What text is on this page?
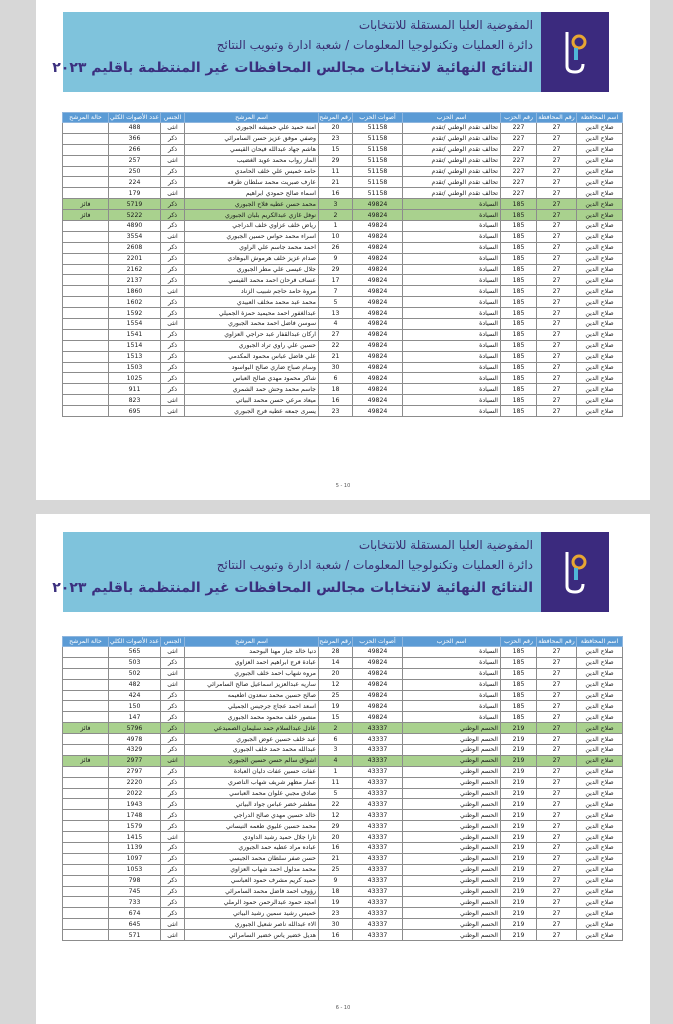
المفوضية العليا المستقلة للانتخابات
دائرة العمليات وتكنولوجيا المعلومات / شعبة ادارة وتبويب النتائج
النتائج النهائية لانتخابات مجالس المحافظات غير المنتظمة باقليم ٢٠٢٣
اسم المحافظة	رقم المحافظة	رقم الحزب	اسم الحزب	أصوات الحزب	رقم المرشح	اسم المرشح	الجنس	عدد الأصوات الكلي	حالة المرشح
صلاح الدين	27	227	تحالف تقدم الوطني /تقدم	51158	20	امنة حميد علي حميشه الجبوري	انثى	488	
صلاح الدين	27	227	تحالف تقدم الوطني /تقدم	51158	23	وصفي موفق عزيز حسن السامرائي	ذكر	366	
صلاح الدين	27	227	تحالف تقدم الوطني /تقدم	51158	15	هاشم جهاد عبدالله فيحان القيسي	ذكر	266	
صلاح الدين	27	227	تحالف تقدم الوطني /تقدم	51158	29	الماز رواب محمد عويد الغضيب	انثى	257	
صلاح الدين	27	227	تحالف تقدم الوطني /تقدم	51158	11	حامد خميس علي خلف الحامدي	ذكر	250	
صلاح الدين	27	227	تحالف تقدم الوطني /تقدم	51158	21	عارف صبريت محمد سلطان طرفه	ذكر	224	
صلاح الدين	27	227	تحالف تقدم الوطني /تقدم	51158	16	اسماء صالح حمودي ابراهيم	انثى	179	
صلاح الدين	27	185	السيادة	49824	3	محمد حسن عطيه فلاح الجبوري	ذكر	5719	فائز
صلاح الدين	27	185	السيادة	49824	2	نوفل غازي عبدالكريم بلبان الجبوري	ذكر	5222	فائز
صلاح الدين	27	185	السيادة	49824	1	رياض خلف عزاوي خلف الدراجي	ذكر	4890	
صلاح الدين	27	185	السيادة	49824	10	اسراء محمد حواس حسين الجبوري	انثى	3554	
صلاح الدين	27	185	السيادة	49824	26	احمد محمد جاسم علي الراوي	ذكر	2608	
صلاح الدين	27	185	السيادة	49824	9	صدام عزيز خلف هرموش البوهادي	ذكر	2201	
صلاح الدين	27	185	السيادة	49824	29	جلال عيسى علي مطر الجبوري	ذكر	2162	
صلاح الدين	27	185	السيادة	49824	17	عساف فرحان احمد محمد القيسي	ذكر	2137	
صلاح الدين	27	185	السيادة	49824	7	مروة حامد حاجم شبيب الزناد	انثى	1860	
صلاح الدين	27	185	السيادة	49824	5	محمد عبد محمد مخلف العبيدي	ذكر	1602	
صلاح الدين	27	185	السيادة	49824	13	عبدالغفور احمد محيميد حمزة الجميلي	ذكر	1592	
صلاح الدين	27	185	السيادة	49824	4	سوسن فاضل احمد محمد الجبوري	انثى	1554	
صلاح الدين	27	185	السيادة	49824	27	اركان عبدالقفار عبد حراجي العزاوي	ذكر	1541	
صلاح الدين	27	185	السيادة	49824	22	حسين علي راوي تراد الجبوري	ذكر	1514	
صلاح الدين	27	185	السيادة	49824	21	علي فاضل عباس محمود المكدمي	ذكر	1513	
صلاح الدين	27	185	السيادة	49824	30	وسام صباح ضاري صالح البواسود	ذكر	1503	
صلاح الدين	27	185	السيادة	49824	6	شاكر محمود مهدي صالح العباس	ذكر	1025	
صلاح الدين	27	185	السيادة	49824	18	جاسم محمد وحش حمد الشمري	ذكر	911	
صلاح الدين	27	185	السيادة	49824	16	ميعاد مرعي حسن محمد البياتي	انثى	823	
صلاح الدين	27	185	السيادة	49824	23	يسرى جمعه عطيه فرج الجبوري	انثى	695	
5 - 10
المفوضية العليا المستقلة للانتخابات
دائرة العمليات وتكنولوجيا المعلومات / شعبة ادارة وتبويب النتائج
النتائج النهائية لانتخابات مجالس المحافظات غير المنتظمة باقليم ٢٠٢٣
اسم المحافظة	رقم المحافظة	رقم الحزب	اسم الحزب	أصوات الحزب	رقم المرشح	اسم المرشح	الجنس	عدد الأصوات الكلي	حالة المرشح
صلاح الدين	27	185	السيادة	49824	28	دنيا خالد جبار مهنا البوحمد	انثى	565	
صلاح الدين	27	185	السيادة	49824	14	عبادة فرج ابراهيم احمد العزاوي	ذكر	503	
صلاح الدين	27	185	السيادة	49824	20	مروه شهاب احمد خلف الجبوري	انثى	502	
صلاح الدين	27	185	السيادة	49824	12	ساريه عبدالعزيز اسماعيل صالح السامرائي	انثى	482	
صلاح الدين	27	185	السيادة	49824	25	صالح حسين محمد سعدون اطعيمه	ذكر	424	
صلاح الدين	27	185	السيادة	49824	19	اسعد احمد عجاج جرجيس الجميلي	ذكر	150	
صلاح الدين	27	185	السيادة	49824	15	منصور خلف محمود محمد الجبوري	ذكر	147	
صلاح الدين	27	219	الحسم الوطني	43337	2	عادل عبدالسلام حمد سليمان الصميدعي	ذكر	5796	فائز
صلاح الدين	27	219	الحسم الوطني	43337	6	عبد خلف حسين عوض الجبوري	ذكر	4978	
صلاح الدين	27	219	الحسم الوطني	43337	3	عبدالله محمد حمد خلف الجبوري	ذكر	4329	
صلاح الدين	27	219	الحسم الوطني	43337	4	اشواق سالم حسن حسين الجبوري	انثى	2977	فائز
صلاح الدين	27	219	الحسم الوطني	43337	1	عفات حسين عفات دليان العبادة	ذكر	2797	
صلاح الدين	27	219	الحسم الوطني	43337	11	عمار مظهر شريف شهاب الناصري	ذكر	2220	
صلاح الدين	27	219	الحسم الوطني	43337	5	صادق مجبي علوان محمد العباسي	ذكر	2022	
صلاح الدين	27	219	الحسم الوطني	43337	22	مطشر خضر عباس جواد البياتي	ذكر	1943	
صلاح الدين	27	219	الحسم الوطني	43337	12	خالد حسين مهدي صالح الدراجي	ذكر	1748	
صلاح الدين	27	219	الحسم الوطني	43337	29	محمد حسين عليوي طعمه النيساني	ذكر	1579	
صلاح الدين	27	219	الحسم الوطني	43337	20	تارا جلال حميد رشيد الداودي	انثى	1415	
صلاح الدين	27	219	الحسم الوطني	43337	16	عباده مراد عطيه حمد الجبوري	ذكر	1139	
صلاح الدين	27	219	الحسم الوطني	43337	21	حسن صفر سلطان محمد الجيسي	ذكر	1097	
صلاح الدين	27	219	الحسم الوطني	43337	25	محمد مدلول احمد شهاب العزاوي	ذكر	1053	
صلاح الدين	27	219	الحسم الوطني	43337	9	حميد كريم مشرف حمود العباسي	ذكر	798	
صلاح الدين	27	219	الحسم الوطني	43337	18	رؤوف احمد فاضل محمد السامرائي	ذكر	745	
صلاح الدين	27	219	الحسم الوطني	43337	19	امجد حمود عبدالرحمن حمود الرملي	ذكر	733	
صلاح الدين	27	219	الحسم الوطني	43337	23	خميس رشيد سمين رشيد البياتي	ذكر	674	
صلاح الدين	27	219	الحسم الوطني	43337	30	الاء عبدالله ناصر شعيل الجبوري	انثى	645	
صلاح الدين	27	219	الحسم الوطني	43337	16	هديل خضير ياس خضير السامرائي	انثى	571	
6 - 10
